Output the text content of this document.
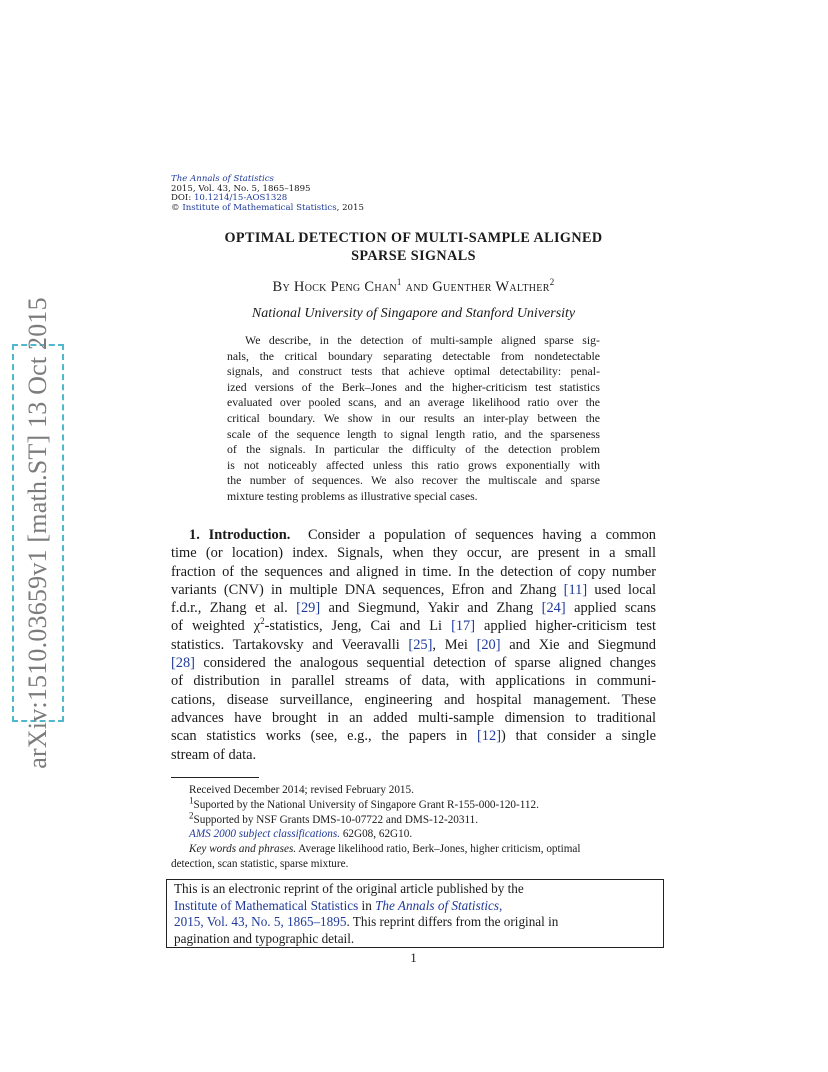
The Annals of Statistics
2015, Vol. 43, No. 5, 1865–1895
DOI: 10.1214/15-AOS1328
© Institute of Mathematical Statistics, 2015
arXiv:1510.03659v1 [math.ST] 13 Oct 2015
OPTIMAL DETECTION OF MULTI-SAMPLE ALIGNED
SPARSE SIGNALS
By Hock Peng Chan$^1$ and Guenther Walther$^2$
National University of Singapore and Stanford University
We describe, in the detection of multi-sample aligned sparse sig-
nals, the critical boundary separating detectable from nondetectable
signals, and construct tests that achieve optimal detectability: penal-
ized versions of the Berk–Jones and the higher-criticism test statistics
evaluated over pooled scans, and an average likelihood ratio over the
critical boundary. We show in our results an inter-play between the
scale of the sequence length to signal length ratio, and the sparseness
of the signals. In particular the difficulty of the detection problem
is not noticeably affected unless this ratio grows exponentially with
the number of sequences. We also recover the multiscale and sparse
mixture testing problems as illustrative special cases.
1. Introduction. Consider a population of sequences having a common
time (or location) index. Signals, when they occur, are present in a small
fraction of the sequences and aligned in time. In the detection of copy number
variants (CNV) in multiple DNA sequences, Efron and Zhang [11] used local
f.d.r., Zhang et al. [29] and Siegmund, Yakir and Zhang [24] applied scans
of weighted $\chi^2$-statistics, Jeng, Cai and Li [17] applied higher-criticism test
statistics. Tartakovsky and Veeravalli [25], Mei [20] and Xie and Siegmund
[28] considered the analogous sequential detection of sparse aligned changes
of distribution in parallel streams of data, with applications in communi-
cations, disease surveillance, engineering and hospital management. These
advances have brought in an added multi-sample dimension to traditional
scan statistics works (see, e.g., the papers in [12]) that consider a single
stream of data.
Received December 2014; revised February 2015.
$^1$Suported by the National University of Singapore Grant R-155-000-120-112.
$^2$Supported by NSF Grants DMS-10-07722 and DMS-12-20311.
AMS 2000 subject classifications. 62G08, 62G10.
Key words and phrases. Average likelihood ratio, Berk–Jones, higher criticism, optimal
detection, scan statistic, sparse mixture.
This is an electronic reprint of the original article published by the
Institute of Mathematical Statistics in The Annals of Statistics,
2015, Vol. 43, No. 5, 1865–1895. This reprint differs from the original in
pagination and typographic detail.
1
